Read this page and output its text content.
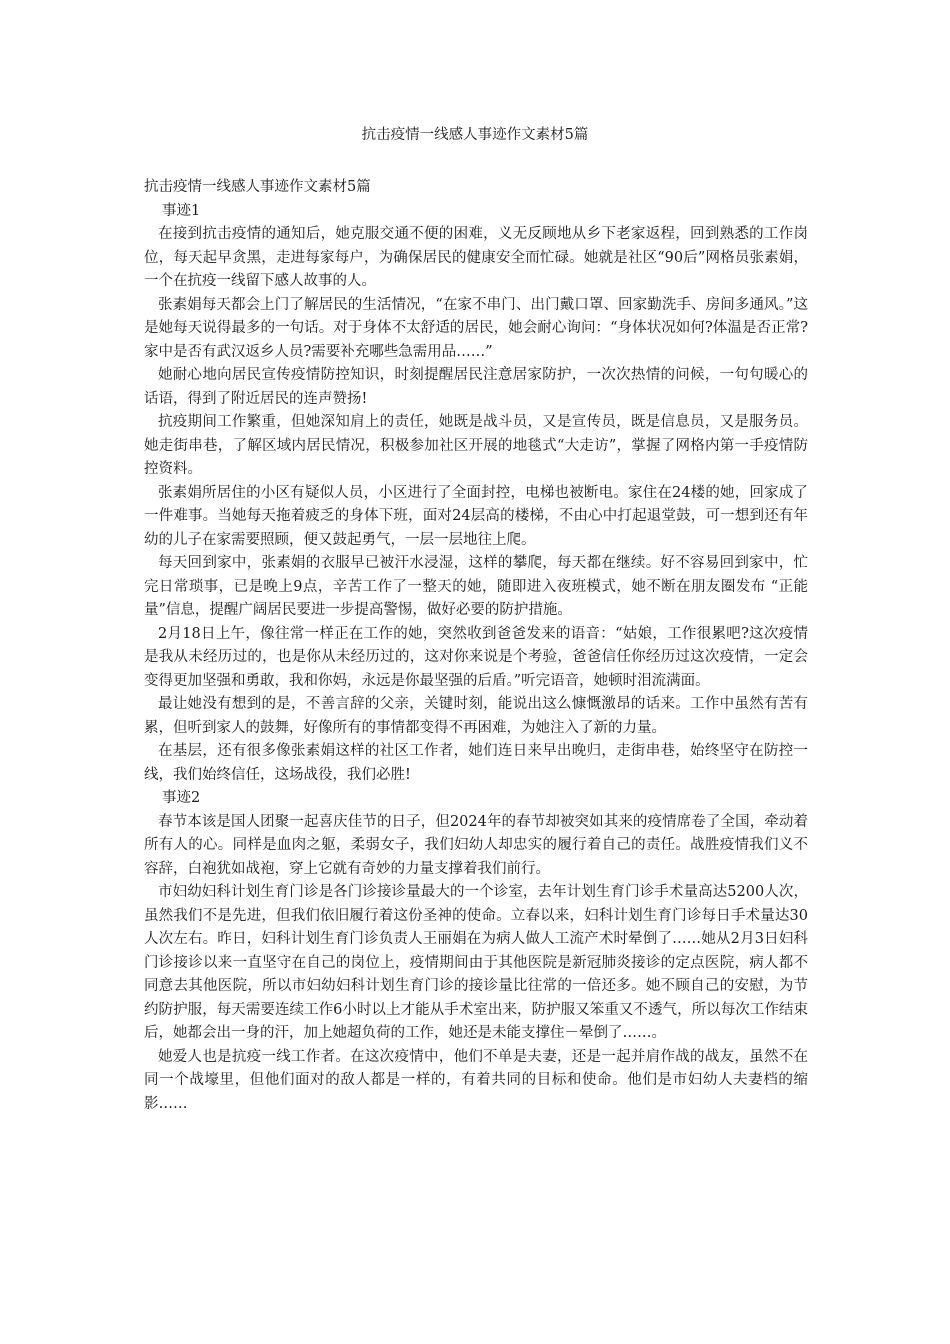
抗击疫情一线感人事迹作文素材5篇

抗击疫情一线感人事迹作文素材5篇

事迹1

在接到抗击疫情的通知后，她克服交通不便的困难，义无反顾地从乡下老家返程，回到熟悉的工作岗位，每天起早贪黑，走进每家每户，为确保居民的健康安全而忙碌。她就是社区“90后”网格员张素娟，一个在抗疫一线留下感人故事的人。

张素娟每天都会上门了解居民的生活情况，“在家不串门、出门戴口罩、回家勤洗手、房间多通风。”这是她每天说得最多的一句话。对于身体不太舒适的居民，她会耐心询问：“身体状况如何?体温是否正常?家中是否有武汉返乡人员?需要补充哪些急需用品……”

她耐心地向居民宣传疫情防控知识，时刻提醒居民注意居家防护，一次次热情的问候，一句句暖心的话语，得到了附近居民的连声赞扬!

抗疫期间工作繁重，但她深知肩上的责任，她既是战斗员，又是宣传员，既是信息员，又是服务员。她走街串巷，了解区域内居民情况，积极参加社区开展的地毯式“大走访”，掌握了网格内第一手疫情防控资料。

张素娟所居住的小区有疑似人员，小区进行了全面封控，电梯也被断电。家住在24楼的她，回家成了一件难事。当她每天拖着疲乏的身体下班，面对24层高的楼梯，不由心中打起退堂鼓，可一想到还有年幼的儿子在家需要照顾，便又鼓起勇气，一层一层地往上爬。

每天回到家中，张素娟的衣服早已被汗水浸湿，这样的攀爬，每天都在继续。好不容易回到家中，忙完日常琐事，已是晚上9点，辛苦工作了一整天的她，随即进入夜班模式，她不断在朋友圈发布 “正能量”信息，提醒广阔居民要进一步提高警惕，做好必要的防护措施。

2月18日上午，像往常一样正在工作的她，突然收到爸爸发来的语音：“姑娘，工作很累吧?这次疫情是我从未经历过的，也是你从未经历过的，这对你来说是个考验，爸爸信任你经历过这次疫情，一定会变得更加坚强和勇敢，我和你妈，永远是你最坚强的后盾。”听完语音，她顿时泪流满面。

最让她没有想到的是，不善言辞的父亲，关键时刻，能说出这么慷慨激昂的话来。工作中虽然有苦有累，但听到家人的鼓舞，好像所有的事情都变得不再困难，为她注入了新的力量。

在基层，还有很多像张素娟这样的社区工作者，她们连日来早出晚归，走街串巷，始终坚守在防控一线，我们始终信任，这场战役，我们必胜!

事迹2

春节本该是国人团聚一起喜庆佳节的日子，但2024年的春节却被突如其来的疫情席卷了全国，牵动着所有人的心。同样是血肉之躯，柔弱女子，我们妇幼人却忠实的履行着自己的责任。战胜疫情我们义不容辞，白袍犹如战袍，穿上它就有奇妙的力量支撑着我们前行。

市妇幼妇科计划生育门诊是各门诊接诊量最大的一个诊室，去年计划生育门诊手术量高达5200人次，虽然我们不是先进，但我们依旧履行着这份圣神的使命。立春以来，妇科计划生育门诊每日手术量达30人次左右。昨日，妇科计划生育门诊负责人王丽娟在为病人做人工流产术时晕倒了……她从2月3日妇科门诊接诊以来一直坚守在自己的岗位上，疫情期间由于其他医院是新冠肺炎接诊的定点医院，病人都不同意去其他医院，所以市妇幼妇科计划生育门诊的接诊量比往常的一倍还多。她不顾自己的安慰，为节约防护服，每天需要连续工作6小时以上才能从手术室出来，防护服又笨重又不透气，所以每次工作结束后，她都会出一身的汗，加上她超负荷的工作，她还是未能支撑住－晕倒了……。

她爱人也是抗疫一线工作者。在这次疫情中，他们不单是夫妻，还是一起并肩作战的战友，虽然不在同一个战壕里，但他们面对的敌人都是一样的，有着共同的目标和使命。他们是市妇幼人夫妻档的缩影……
